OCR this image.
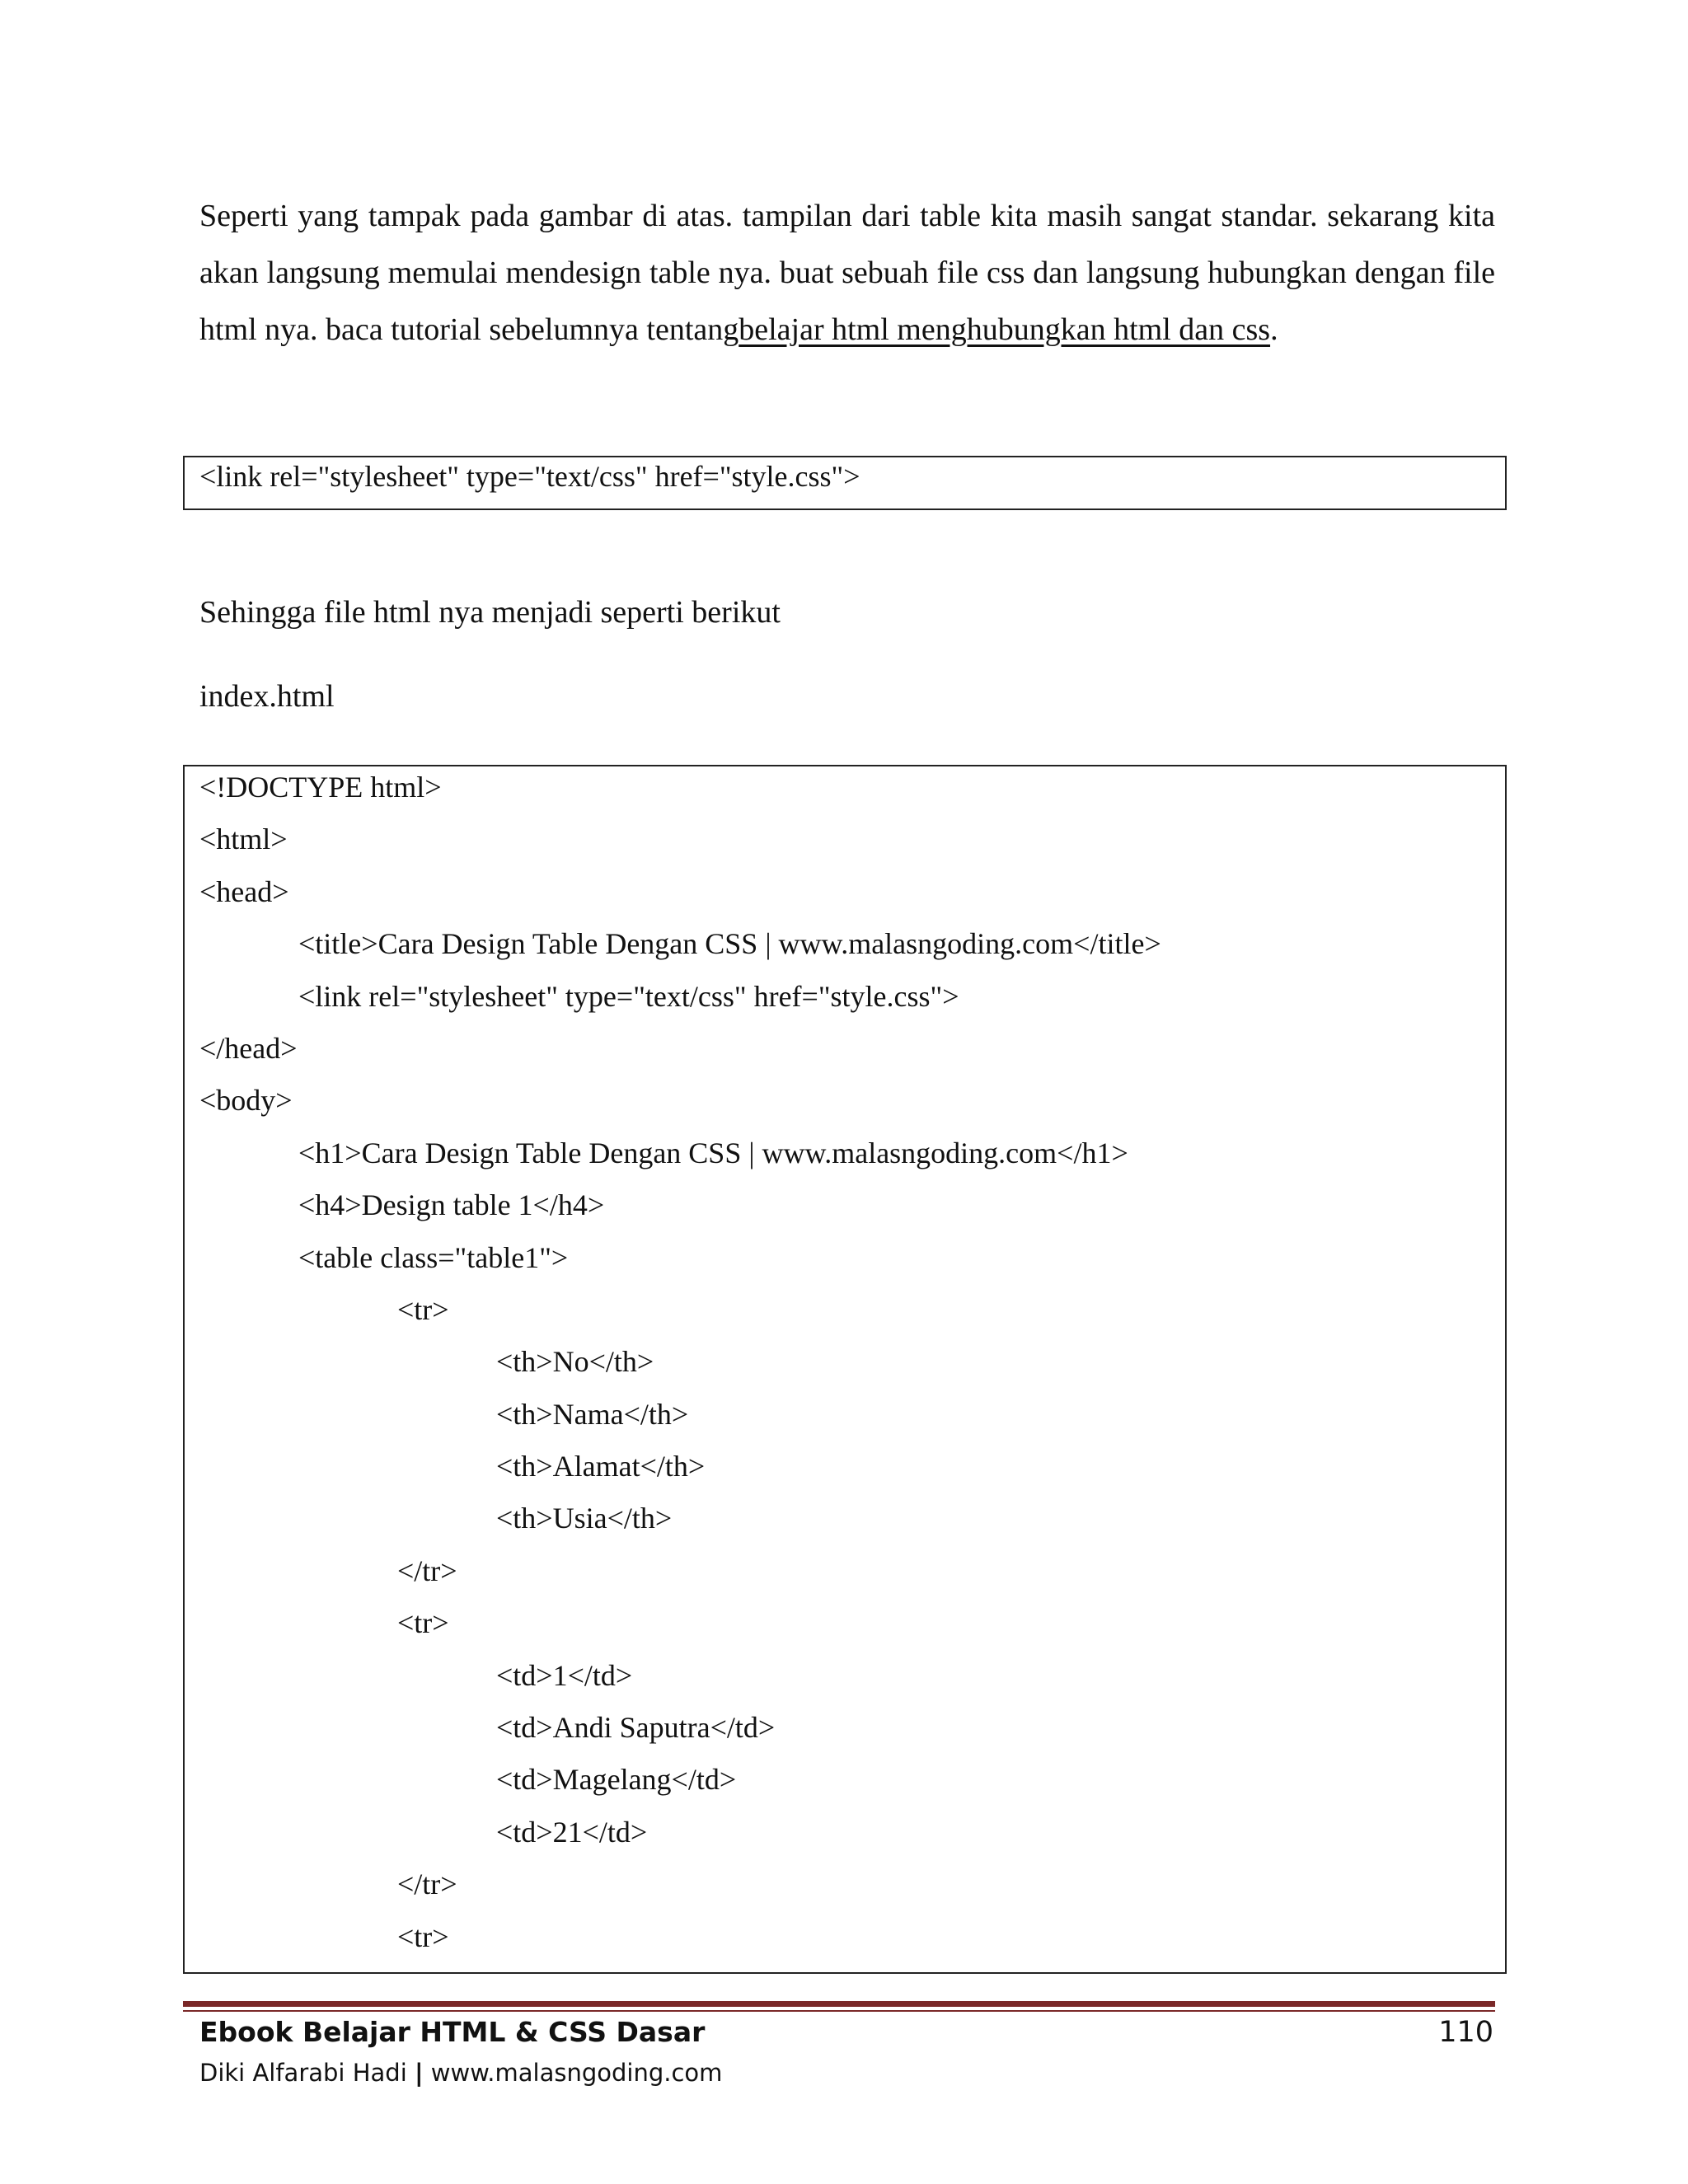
Seperti yang tampak pada gambar di atas. tampilan dari table kita masih sangat standar. sekarang kita akan langsung memulai mendesign table nya. buat sebuah file css dan langsung hubungkan dengan file html nya. baca tutorial sebelumnya tentangbelajar html menghubungkan html dan css.

<link rel="stylesheet" type="text/css" href="style.css">

Sehingga file html nya menjadi seperti berikut

index.html

<!DOCTYPE html>
<html>
<head>
<title>Cara Design Table Dengan CSS | www.malasngoding.com</title>
<link rel="stylesheet" type="text/css" href="style.css">
</head>
<body>
<h1>Cara Design Table Dengan CSS | www.malasngoding.com</h1>
<h4>Design table 1</h4>
<table class="table1">
<tr>
<th>No</th>
<th>Nama</th>
<th>Alamat</th>
<th>Usia</th>
</tr>
<tr>
<td>1</td>
<td>Andi Saputra</td>
<td>Magelang</td>
<td>21</td>
</tr>
<tr>
Ebook Belajar HTML & CSS Dasar
Diki Alfarabi Hadi | www.malasngoding.com
110
